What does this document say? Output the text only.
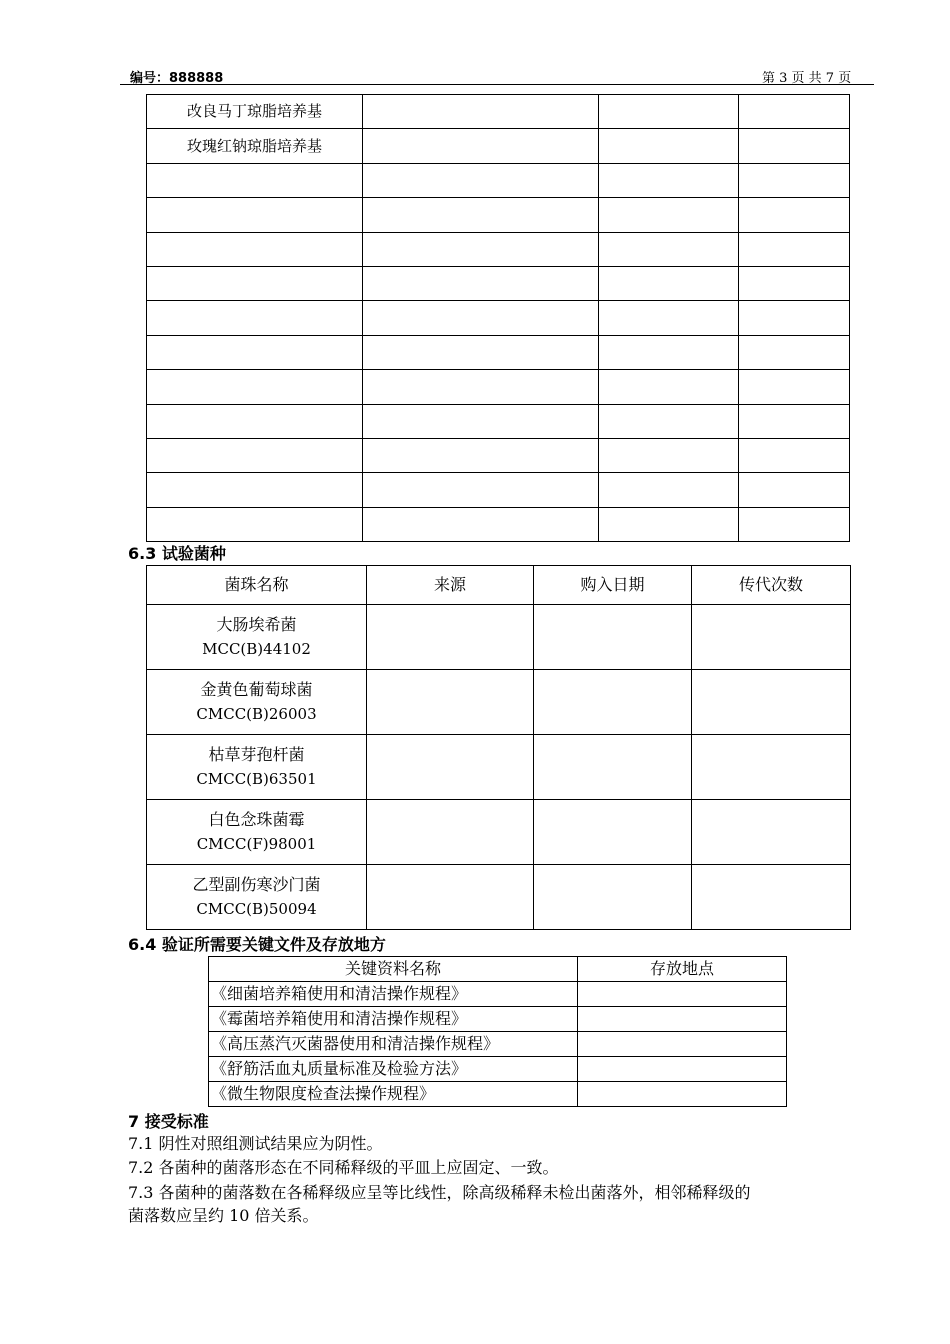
编号：888888	第 3 页 共 7 页
改良马丁琼脂培养基			
玫瑰红钠琼脂培养基			

6.3 试验菌种
菌珠名称	来源	购入日期	传代次数

大肠埃希菌
MCC(B)44102			

金黄色葡萄球菌
CMCC(B)26003			

枯草芽孢杆菌
CMCC(B)63501			

白色念珠菌霉
CMCC(F)98001			

乙型副伤寒沙门菌
CMCC(B)50094			

6.4 验证所需要关键文件及存放地方
关键资料名称	存放地点
《细菌培养箱使用和清洁操作规程》	
《霉菌培养箱使用和清洁操作规程》	
《高压蒸汽灭菌器使用和清洁操作规程》	
《舒筋活血丸质量标准及检验方法》	
《微生物限度检查法操作规程》	
7 接受标准
7.1 阴性对照组测试结果应为阴性。
7.2 各菌种的菌落形态在不同稀释级的平皿上应固定、一致。
7.3 各菌种的菌落数在各稀释级应呈等比线性，除高级稀释未检出菌落外，相邻稀释级的
菌落数应呈约 10 倍关系。
